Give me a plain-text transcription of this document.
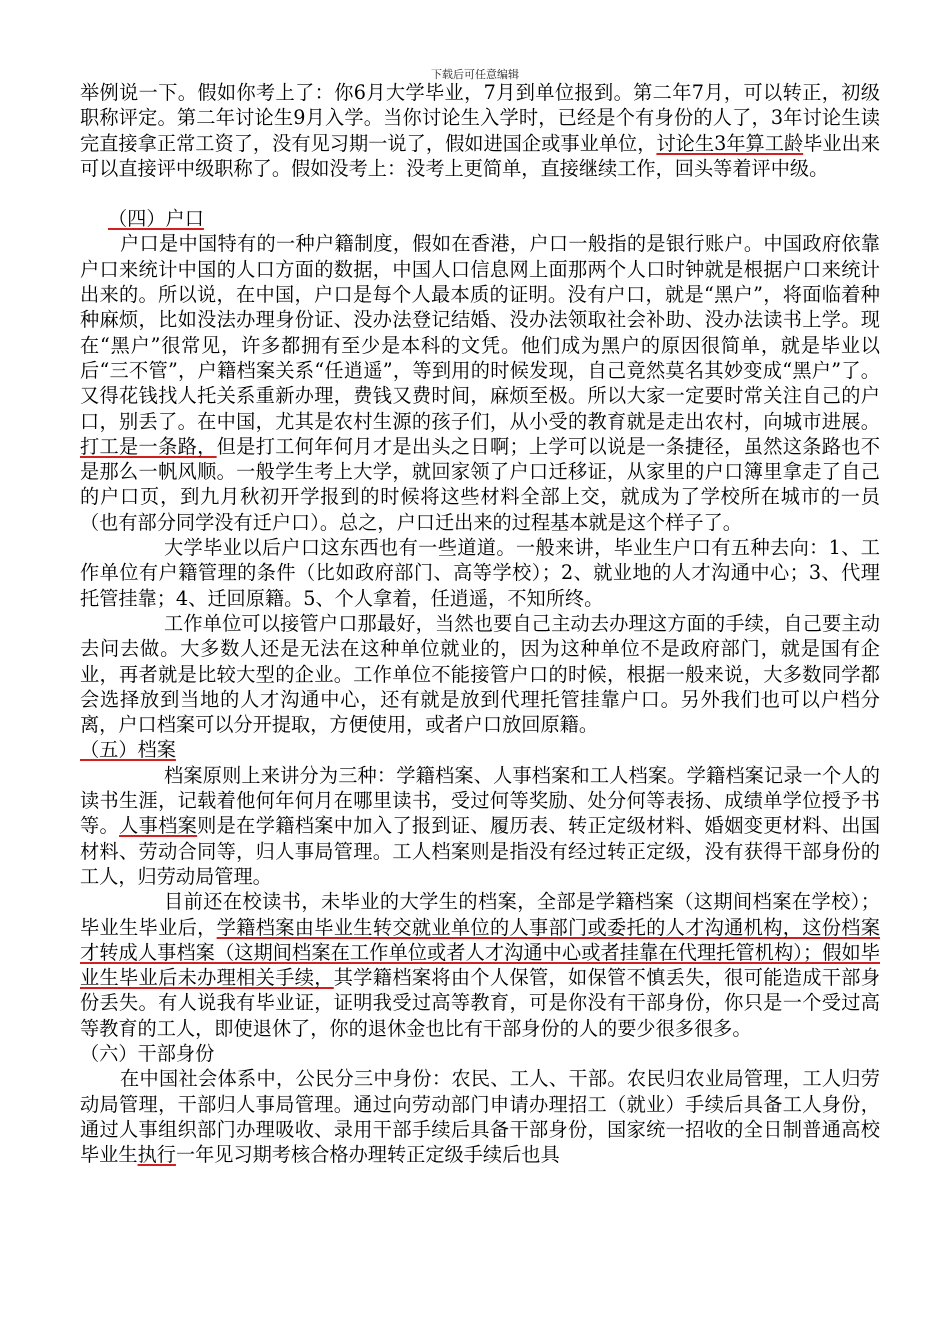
下载后可任意编辑

举例说一下。假如你考上了：你6月大学毕业，7月到单位报到。第二年7月，可以转正，初级职称评定。第二年讨论生9月入学。当你讨论生入学时，已经是个有身份的人了，3年讨论生读完直接拿正常工资了，没有见习期一说了，假如进国企或事业单位，讨论生3年算工龄毕业出来可以直接评中级职称了。假如没考上：没考上更简单，直接继续工作，回头等着评中级。

（四）户口

户口是中国特有的一种户籍制度，假如在香港，户口一般指的是银行账户。中国政府依靠户口来统计中国的人口方面的数据，中国人口信息网上面那两个人口时钟就是根据户口来统计出来的。所以说，在中国，户口是每个人最本质的证明。没有户口，就是“黑户”，将面临着种种麻烦，比如没法办理身份证、没办法登记结婚、没办法领取社会补助、没办法读书上学。现在“黑户”很常见，许多都拥有至少是本科的文凭。他们成为黑户的原因很简单，就是毕业以后“三不管”，户籍档案关系“任逍遥”，等到用的时候发现，自己竟然莫名其妙变成“黑户”了。又得花钱找人托关系重新办理，费钱又费时间，麻烦至极。所以大家一定要时常关注自己的户口，别丢了。在中国，尤其是农村生源的孩子们，从小受的教育就是走出农村，向城市进展。打工是一条路，但是打工何年何月才是出头之日啊；上学可以说是一条捷径，虽然这条路也不是那么一帆风顺。一般学生考上大学，就回家领了户口迁移证，从家里的户口簿里拿走了自己的户口页，到九月秋初开学报到的时候将这些材料全部上交，就成为了学校所在城市的一员（也有部分同学没有迁户口）。总之，户口迁出来的过程基本就是这个样子了。

大学毕业以后户口这东西也有一些道道。一般来讲，毕业生户口有五种去向：1、工作单位有户籍管理的条件（比如政府部门、高等学校）；2、就业地的人才沟通中心；3、代理托管挂靠；4、迁回原籍。5、个人拿着，任逍遥，不知所终。

工作单位可以接管户口那最好，当然也要自己主动去办理这方面的手续，自己要主动去问去做。大多数人还是无法在这种单位就业的，因为这种单位不是政府部门，就是国有企业，再者就是比较大型的企业。工作单位不能接管户口的时候，根据一般来说，大多数同学都会选择放到当地的人才沟通中心，还有就是放到代理托管挂靠户口。另外我们也可以户档分离，户口档案可以分开提取，方便使用，或者户口放回原籍。

（五）档案

档案原则上来讲分为三种：学籍档案、人事档案和工人档案。学籍档案记录一个人的读书生涯，记载着他何年何月在哪里读书，受过何等奖励、处分何等表扬、成绩单学位授予书等。人事档案则是在学籍档案中加入了报到证、履历表、转正定级材料、婚姻变更材料、出国材料、劳动合同等，归人事局管理。工人档案则是指没有经过转正定级，没有获得干部身份的工人，归劳动局管理。

目前还在校读书，未毕业的大学生的档案，全部是学籍档案（这期间档案在学校）；毕业生毕业后，学籍档案由毕业生转交就业单位的人事部门或委托的人才沟通机构，这份档案才转成人事档案（这期间档案在工作单位或者人才沟通中心或者挂靠在代理托管机构）；假如毕业生毕业后未办理相关手续，其学籍档案将由个人保管，如保管不慎丢失，很可能造成干部身份丢失。有人说我有毕业证，证明我受过高等教育，可是你没有干部身份，你只是一个受过高等教育的工人，即使退休了，你的退休金也比有干部身份的人的要少很多很多。

（六）干部身份

在中国社会体系中，公民分三中身份：农民、工人、干部。农民归农业局管理，工人归劳动局管理，干部归人事局管理。通过向劳动部门申请办理招工（就业）手续后具备工人身份，通过人事组织部门办理吸收、录用干部手续后具备干部身份，国家统一招收的全日制普通高校毕业生执行一年见习期考核合格办理转正定级手续后也具
